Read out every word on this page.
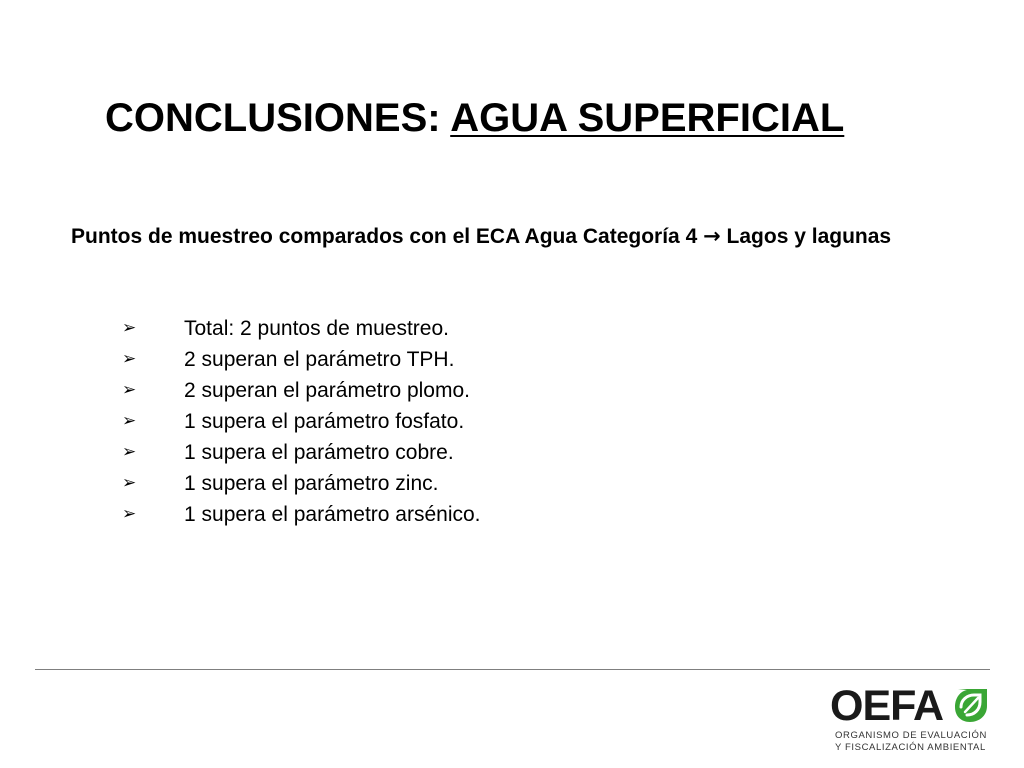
CONCLUSIONES: AGUA SUPERFICIAL
Puntos de muestreo comparados con el ECA Agua Categoría 4 → Lagos y lagunas
➢	Total: 2 puntos de muestreo.
➢	2 superan el parámetro TPH.
➢	2 superan el parámetro plomo.
➢	1 supera el parámetro fosfato.
➢	1 supera el parámetro cobre.
➢	1 supera el parámetro zinc.
➢	1 supera el parámetro arsénico.
OEFA
ORGANISMO DE EVALUACIÓN
Y FISCALIZACIÓN AMBIENTAL
